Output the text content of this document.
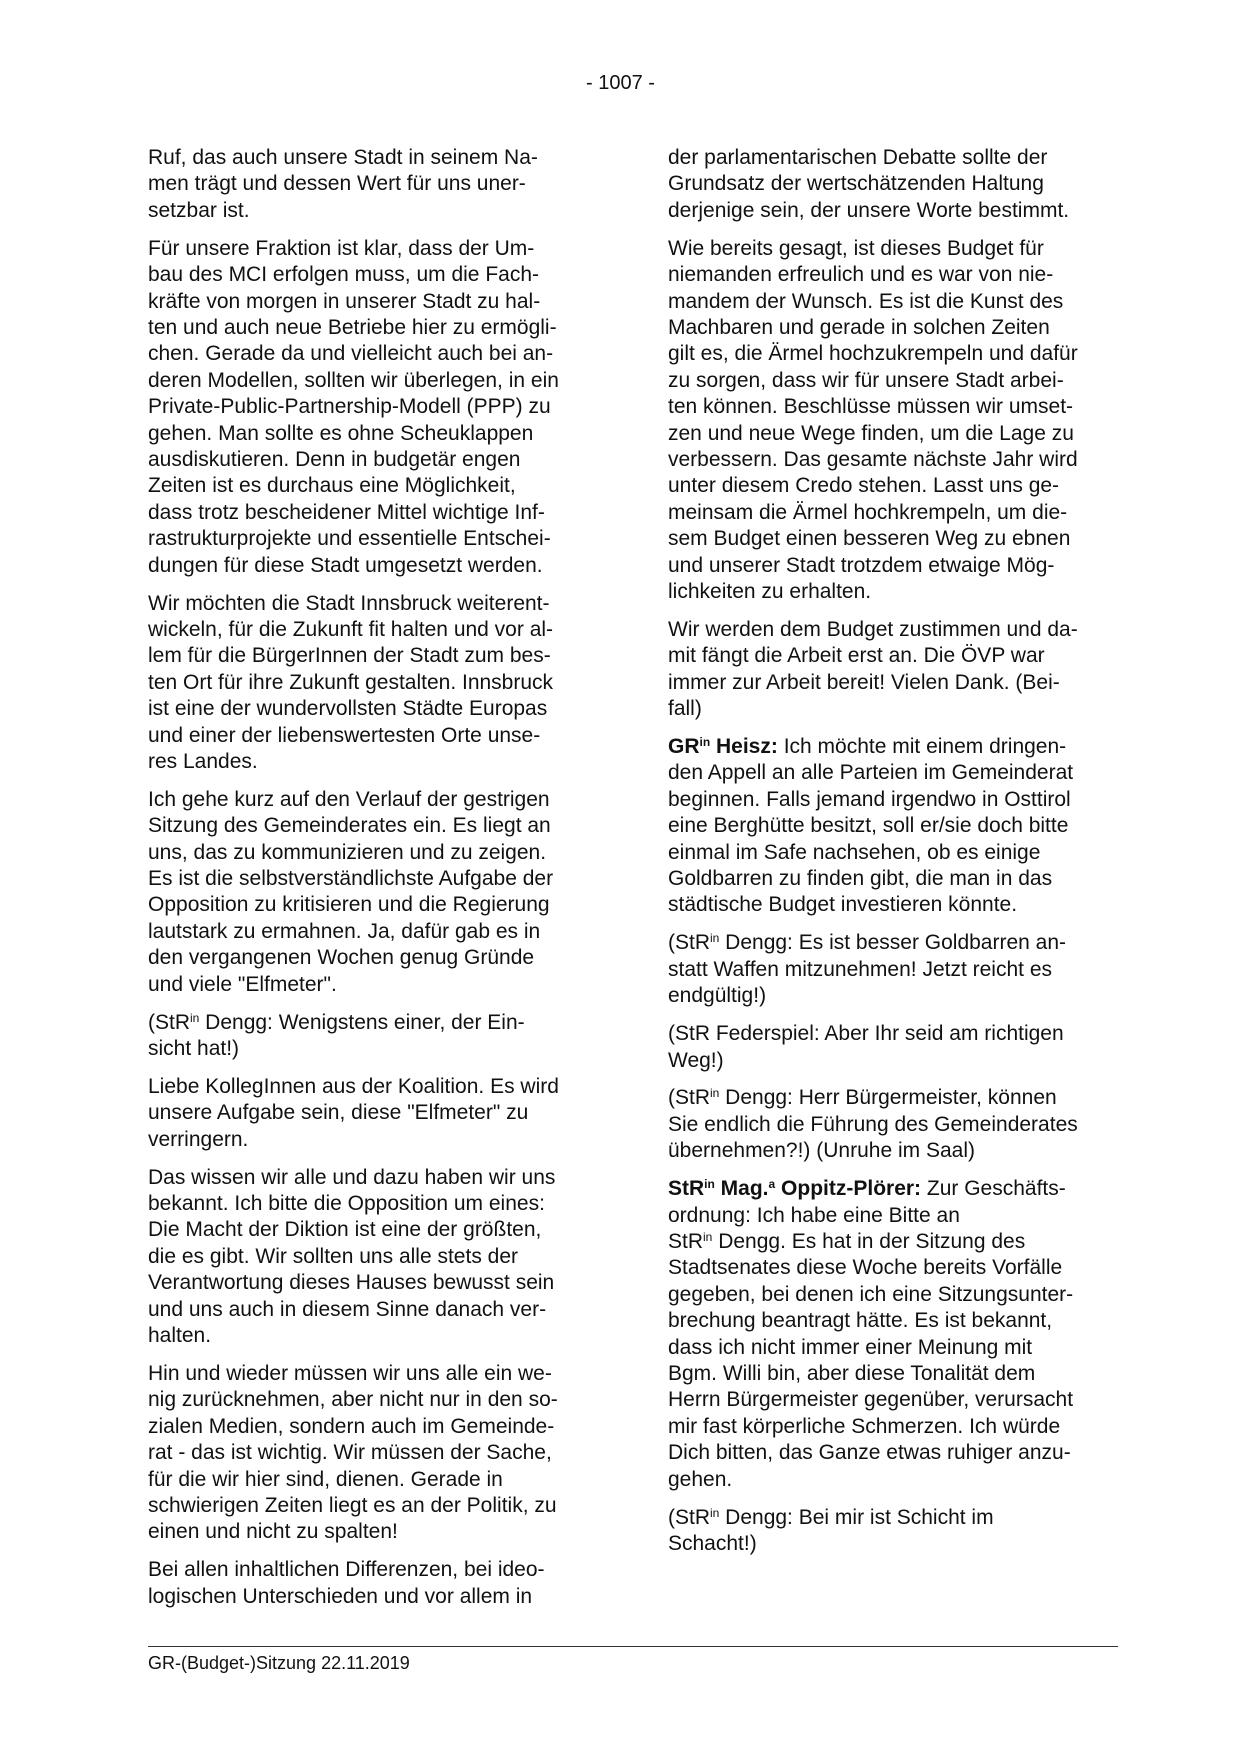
- 1007 -

Ruf, das auch unsere Stadt in seinem Na-
men trägt und dessen Wert für uns uner-
setzbar ist.

Für unsere Fraktion ist klar, dass der Um-
bau des MCI erfolgen muss, um die Fach-
kräfte von morgen in unserer Stadt zu hal-
ten und auch neue Betriebe hier zu ermögli-
chen. Gerade da und vielleicht auch bei an-
deren Modellen, sollten wir überlegen, in ein
Private-Public-Partnership-Modell (PPP) zu
gehen. Man sollte es ohne Scheuklappen
ausdiskutieren. Denn in budgetär engen
Zeiten ist es durchaus eine Möglichkeit,
dass trotz bescheidener Mittel wichtige Inf-
rastrukturprojekte und essentielle Entschei-
dungen für diese Stadt umgesetzt werden.

Wir möchten die Stadt Innsbruck weiterent-
wickeln, für die Zukunft fit halten und vor al-
lem für die BürgerInnen der Stadt zum bes-
ten Ort für ihre Zukunft gestalten. Innsbruck
ist eine der wundervollsten Städte Europas
und einer der liebenswertesten Orte unse-
res Landes.

Ich gehe kurz auf den Verlauf der gestrigen
Sitzung des Gemeinderates ein. Es liegt an
uns, das zu kommunizieren und zu zeigen.
Es ist die selbstverständlichste Aufgabe der
Opposition zu kritisieren und die Regierung
lautstark zu ermahnen. Ja, dafür gab es in
den vergangenen Wochen genug Gründe
und viele "Elfmeter".

(StR$^{in}$ Dengg: Wenigstens einer, der Ein-
sicht hat!)

Liebe KollegInnen aus der Koalition. Es wird
unsere Aufgabe sein, diese "Elfmeter" zu
verringern.

Das wissen wir alle und dazu haben wir uns
bekannt. Ich bitte die Opposition um eines:
Die Macht der Diktion ist eine der größten,
die es gibt. Wir sollten uns alle stets der
Verantwortung dieses Hauses bewusst sein
und uns auch in diesem Sinne danach ver-
halten.

Hin und wieder müssen wir uns alle ein we-
nig zurücknehmen, aber nicht nur in den so-
zialen Medien, sondern auch im Gemeinde-
rat - das ist wichtig. Wir müssen der Sache,
für die wir hier sind, dienen. Gerade in
schwierigen Zeiten liegt es an der Politik, zu
einen und nicht zu spalten!

Bei allen inhaltlichen Differenzen, bei ideo-
logischen Unterschieden und vor allem in

der parlamentarischen Debatte sollte der
Grundsatz der wertschätzenden Haltung
derjenige sein, der unsere Worte bestimmt.

Wie bereits gesagt, ist dieses Budget für
niemanden erfreulich und es war von nie-
mandem der Wunsch. Es ist die Kunst des
Machbaren und gerade in solchen Zeiten
gilt es, die Ärmel hochzukrempeln und dafür
zu sorgen, dass wir für unsere Stadt arbei-
ten können. Beschlüsse müssen wir umset-
zen und neue Wege finden, um die Lage zu
verbessern. Das gesamte nächste Jahr wird
unter diesem Credo stehen. Lasst uns ge-
meinsam die Ärmel hochkrempeln, um die-
sem Budget einen besseren Weg zu ebnen
und unserer Stadt trotzdem etwaige Mög-
lichkeiten zu erhalten.

Wir werden dem Budget zustimmen und da-
mit fängt die Arbeit erst an. Die ÖVP war
immer zur Arbeit bereit! Vielen Dank. (Bei-
fall)

$GR^{in}$ Heisz: Ich möchte mit einem dringen-
den Appell an alle Parteien im Gemeinderat
beginnen. Falls jemand irgendwo in Osttirol
eine Berghütte besitzt, soll er/sie doch bitte
einmal im Safe nachsehen, ob es einige
Goldbarren zu finden gibt, die man in das
städtische Budget investieren könnte.

(StR$^{in}$ Dengg: Es ist besser Goldbarren an-
statt Waffen mitzunehmen! Jetzt reicht es
endgültig!)

(StR Federspiel: Aber Ihr seid am richtigen
Weg!)

(StR$^{in}$ Dengg: Herr Bürgermeister, können
Sie endlich die Führung des Gemeinderates
übernehmen?!) (Unruhe im Saal)

StR$^{in}$ Mag.$^a$ Oppitz-Plörer: Zur Geschäfts-
ordnung: Ich habe eine Bitte an
StR$^{in}$ Dengg. Es hat in der Sitzung des
Stadtsenates diese Woche bereits Vorfälle
gegeben, bei denen ich eine Sitzungsunter-
brechung beantragt hätte. Es ist bekannt,
dass ich nicht immer einer Meinung mit
Bgm. Willi bin, aber diese Tonalität dem
Herrn Bürgermeister gegenüber, verursacht
mir fast körperliche Schmerzen. Ich würde
Dich bitten, das Ganze etwas ruhiger anzu-
gehen.

(StR$^{in}$ Dengg: Bei mir ist Schicht im
Schacht!)

GR-(Budget-)Sitzung 22.11.2019
